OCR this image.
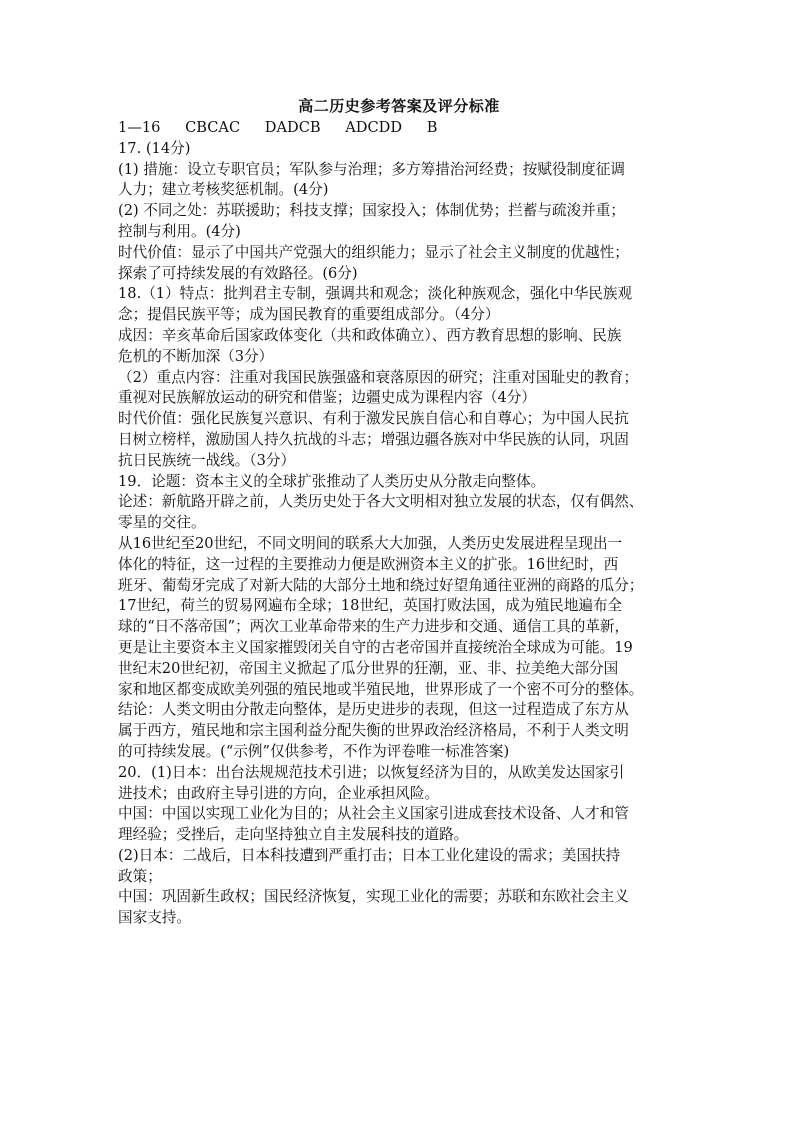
高二历史参考答案及评分标准
1—16 CBCAC DADCB ADCDD B
17. (14分)
(1) 措施：设立专职官员；军队参与治理；多方筹措治河经费；按赋役制度征调
人力；建立考核奖惩机制。(4分)
(2) 不同之处：苏联援助；科技支撑；国家投入；体制优势；拦蓄与疏浚并重；
控制与利用。(4分)
时代价值：显示了中国共产党强大的组织能力；显示了社会主义制度的优越性；
探索了可持续发展的有效路径。(6分)
18.（1）特点：批判君主专制，强调共和观念；淡化种族观念，强化中华民族观
念；提倡民族平等；成为国民教育的重要组成部分。（4分）
成因：辛亥革命后国家政体变化（共和政体确立）、西方教育思想的影响、民族
危机的不断加深（3分）
（2）重点内容：注重对我国民族强盛和衰落原因的研究；注重对国耻史的教育；
重视对民族解放运动的研究和借鉴；边疆史成为课程内容（4分）
时代价值：强化民族复兴意识、有利于激发民族自信心和自尊心；为中国人民抗
日树立榜样，激励国人持久抗战的斗志；增强边疆各族对中华民族的认同，巩固
抗日民族统一战线。（3分）
19．论题：资本主义的全球扩张推动了人类历史从分散走向整体。
论述：新航路开辟之前，人类历史处于各大文明相对独立发展的状态，仅有偶然、
零星的交往。
从16世纪至20世纪，不同文明间的联系大大加强，人类历史发展进程呈现出一
体化的特征，这一过程的主要推动力便是欧洲资本主义的扩张。16世纪时，西
班牙、葡萄牙完成了对新大陆的大部分土地和绕过好望角通往亚洲的商路的瓜分；
17世纪，荷兰的贸易网遍布全球；18世纪，英国打败法国，成为殖民地遍布全
球的“日不落帝国”；两次工业革命带来的生产力进步和交通、通信工具的革新，
更是让主要资本主义国家摧毁闭关自守的古老帝国并直接统治全球成为可能。19
世纪末20世纪初，帝国主义掀起了瓜分世界的狂潮，亚、非、拉美绝大部分国
家和地区都变成欧美列强的殖民地或半殖民地，世界形成了一个密不可分的整体。
结论：人类文明由分散走向整体，是历史进步的表现，但这一过程造成了东方从
属于西方，殖民地和宗主国利益分配失衡的世界政治经济格局，不利于人类文明
的可持续发展。(“示例”仅供参考，不作为评卷唯一标准答案)
20．(1)日本：出台法规规范技术引进；以恢复经济为目的，从欧美发达国家引
进技术；由政府主导引进的方向，企业承担风险。
中国：中国以实现工业化为目的；从社会主义国家引进成套技术设备、人才和管
理经验；受挫后，走向坚持独立自主发展科技的道路。
(2)日本：二战后，日本科技遭到严重打击；日本工业化建设的需求；美国扶持
政策；
中国：巩固新生政权；国民经济恢复，实现工业化的需要；苏联和东欧社会主义
国家支持。
